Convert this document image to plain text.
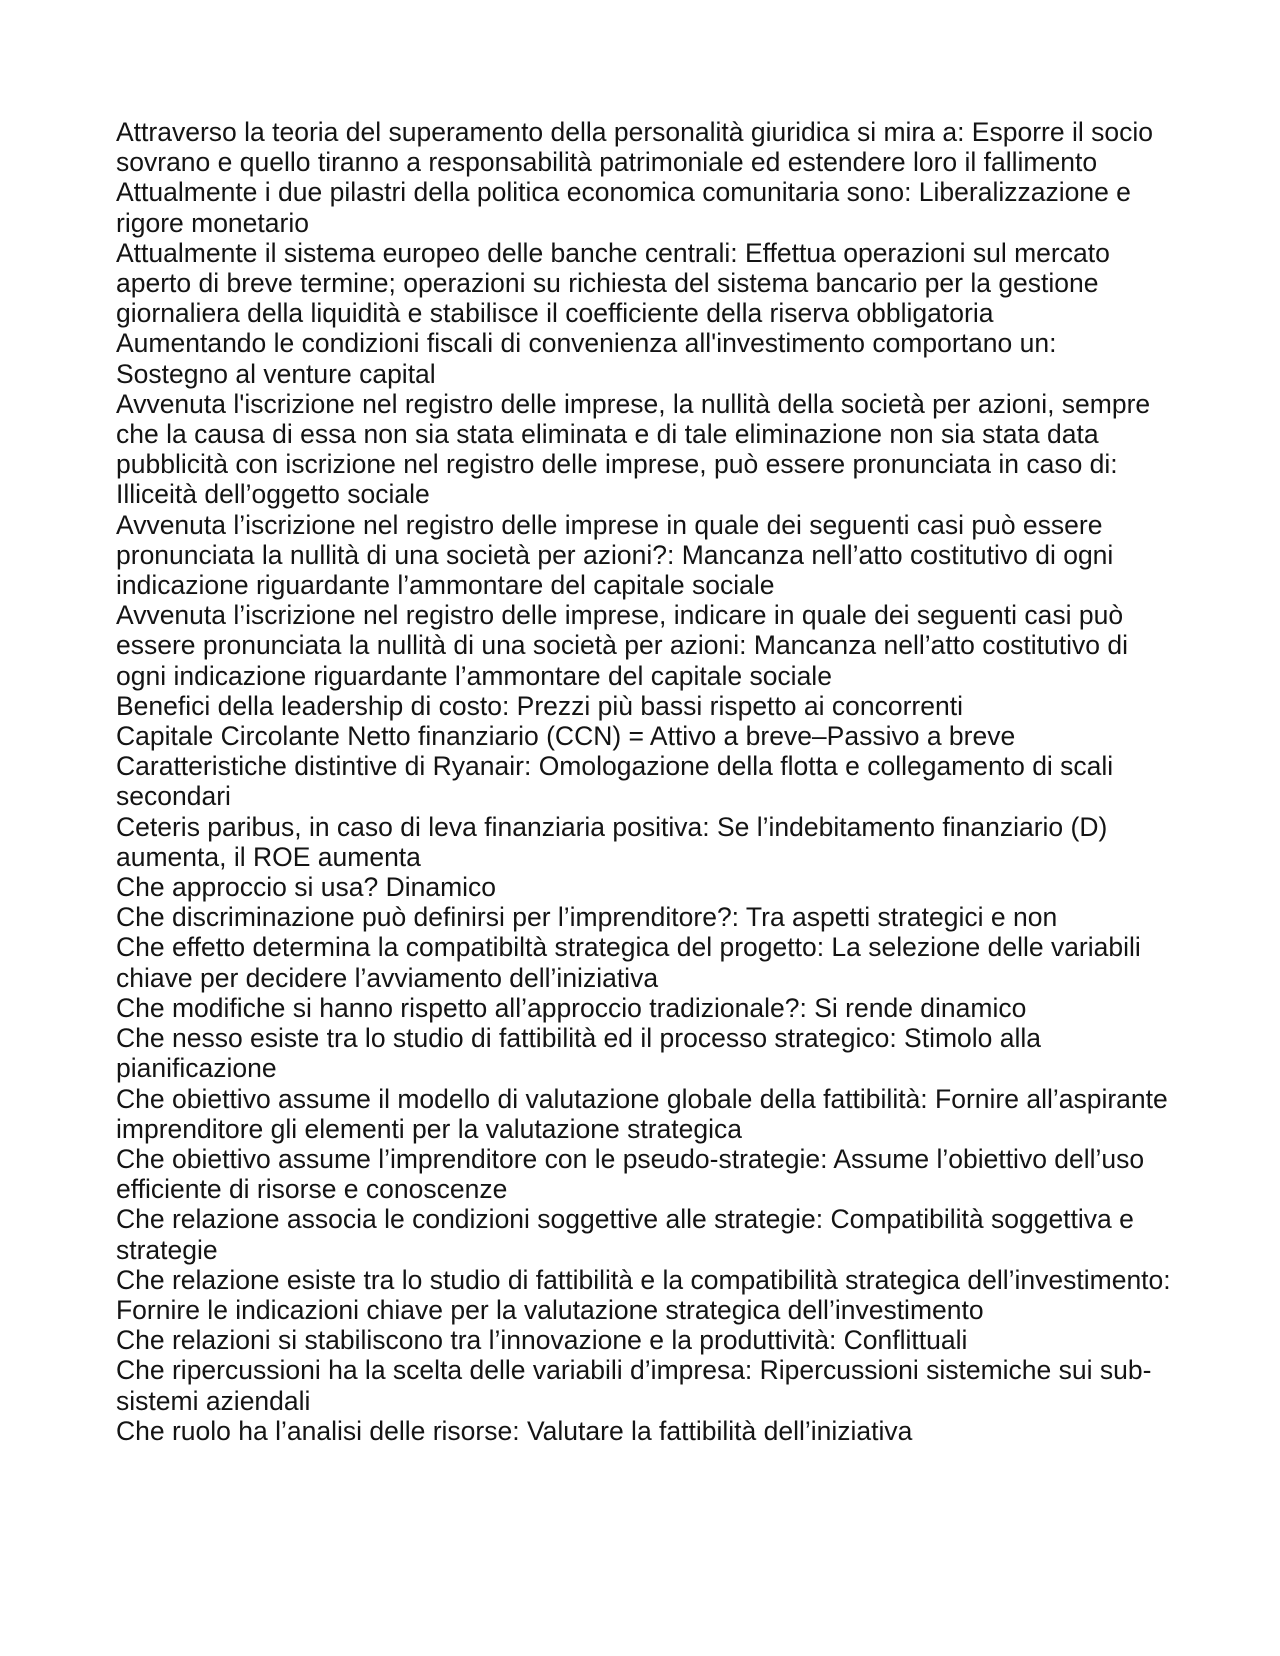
Attraverso la teoria del superamento della personalità giuridica si mira a: Esporre il socio sovrano e quello tiranno a responsabilità patrimoniale ed estendere loro il fallimento

Attualmente i due pilastri della politica economica comunitaria sono: Liberalizzazione e rigore monetario

Attualmente il sistema europeo delle banche centrali: Effettua operazioni sul mercato aperto di breve termine; operazioni su richiesta del sistema bancario per la gestione giornaliera della liquidità e stabilisce il coefficiente della riserva obbligatoria

Aumentando le condizioni fiscali di convenienza all'investimento comportano un: Sostegno al venture capital

Avvenuta l'iscrizione nel registro delle imprese, la nullità della società per azioni, sempre che la causa di essa non sia stata eliminata e di tale eliminazione non sia stata data pubblicità con iscrizione nel registro delle imprese, può essere pronunciata in caso di: Illiceità dell’oggetto sociale

Avvenuta l’iscrizione nel registro delle imprese in quale dei seguenti casi può essere pronunciata la nullità di una società per azioni?: Mancanza nell’atto costitutivo di ogni indicazione riguardante l’ammontare del capitale sociale

Avvenuta l’iscrizione nel registro delle imprese, indicare in quale dei seguenti casi può essere pronunciata la nullità di una società per azioni: Mancanza nell’atto costitutivo di ogni indicazione riguardante l’ammontare del capitale sociale

Benefici della leadership di costo: Prezzi più bassi rispetto ai concorrenti

Capitale Circolante Netto finanziario (CCN) = Attivo a breve–Passivo a breve

Caratteristiche distintive di Ryanair: Omologazione della flotta e collegamento di scali secondari

Ceteris paribus, in caso di leva finanziaria positiva: Se l’indebitamento finanziario (D) aumenta, il ROE aumenta

Che approccio si usa? Dinamico

Che discriminazione può definirsi per l’imprenditore?: Tra aspetti strategici e non

Che effetto determina la compatibiltà strategica del progetto: La selezione delle variabili chiave per decidere l’avviamento dell’iniziativa

Che modifiche si hanno rispetto all’approccio tradizionale?: Si rende dinamico

Che nesso esiste tra lo studio di fattibilità ed il processo strategico: Stimolo alla pianificazione

Che obiettivo assume il modello di valutazione globale della fattibilità: Fornire all’aspirante imprenditore gli elementi per la valutazione strategica

Che obiettivo assume l’imprenditore con le pseudo-strategie: Assume l’obiettivo dell’uso efficiente di risorse e conoscenze

Che relazione associa le condizioni soggettive alle strategie: Compatibilità soggettiva e strategie

Che relazione esiste tra lo studio di fattibilità e la compatibilità strategica dell’investimento: Fornire le indicazioni chiave per la valutazione strategica dell’investimento

Che relazioni si stabiliscono tra l’innovazione e la produttività: Conflittuali

Che ripercussioni ha la scelta delle variabili d’impresa: Ripercussioni sistemiche sui sub-sistemi aziendali

Che ruolo ha l’analisi delle risorse: Valutare la fattibilità dell’iniziativa
